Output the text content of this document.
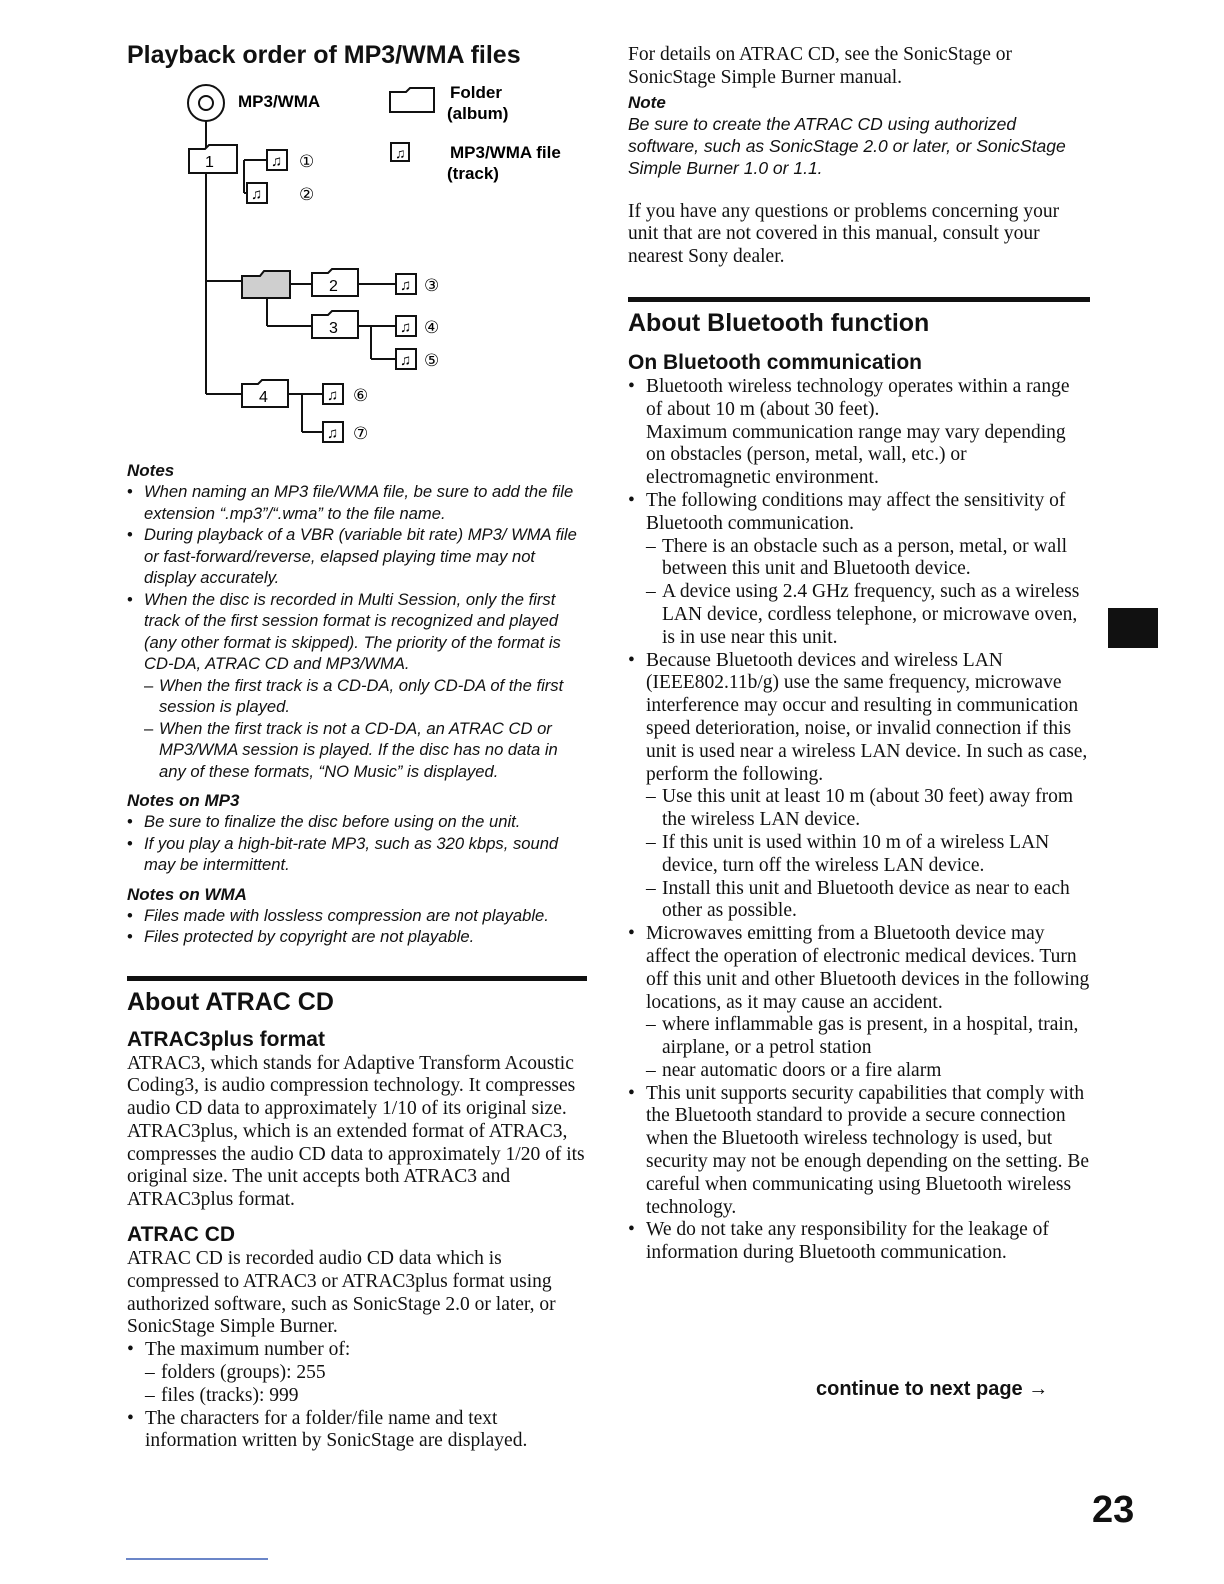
Playback order of MP3/WMA files
MP3/WMA	Folder
(album)
♫	MP3/WMA file
(track)
1	♫ ①
♫ ②
2	♫ ③
3	♫ ④
♫ ⑤
4	♫ ⑥
♫ ⑦
Notes
• When naming an MP3 file/WMA file, be sure to add the file extension “.mp3”/“.wma” to the file name.
• During playback of a VBR (variable bit rate) MP3/ WMA file or fast-forward/reverse, elapsed playing time may not display accurately.
• When the disc is recorded in Multi Session, only the first track of the first session format is recognized and played (any other format is skipped). The priority of the format is CD-DA, ATRAC CD and MP3/WMA.
– When the first track is a CD-DA, only CD-DA of the first session is played.
– When the first track is not a CD-DA, an ATRAC CD or MP3/WMA session is played. If the disc has no data in any of these formats, “NO Music” is displayed.
Notes on MP3
• Be sure to finalize the disc before using on the unit.
• If you play a high-bit-rate MP3, such as 320 kbps, sound may be intermittent.
Notes on WMA
• Files made with lossless compression are not playable.
• Files protected by copyright are not playable.
About ATRAC CD
ATRAC3plus format
ATRAC3, which stands for Adaptive Transform Acoustic Coding3, is audio compression technology. It compresses audio CD data to approximately 1/10 of its original size. ATRAC3plus, which is an extended format of ATRAC3, compresses the audio CD data to approximately 1/20 of its original size. The unit accepts both ATRAC3 and ATRAC3plus format.
ATRAC CD
ATRAC CD is recorded audio CD data which is compressed to ATRAC3 or ATRAC3plus format using authorized software, such as SonicStage 2.0 or later, or SonicStage Simple Burner.
• The maximum number of:
– folders (groups): 255
– files (tracks): 999
• The characters for a folder/file name and text information written by SonicStage are displayed.
For details on ATRAC CD, see the SonicStage or SonicStage Simple Burner manual.
Note
Be sure to create the ATRAC CD using authorized software, such as SonicStage 2.0 or later, or SonicStage Simple Burner 1.0 or 1.1.
If you have any questions or problems concerning your unit that are not covered in this manual, consult your nearest Sony dealer.
About Bluetooth function
On Bluetooth communication
• Bluetooth wireless technology operates within a range of about 10 m (about 30 feet).
Maximum communication range may vary depending on obstacles (person, metal, wall, etc.) or electromagnetic environment.
• The following conditions may affect the sensitivity of Bluetooth communication.
– There is an obstacle such as a person, metal, or wall between this unit and Bluetooth device.
– A device using 2.4 GHz frequency, such as a wireless LAN device, cordless telephone, or microwave oven, is in use near this unit.
• Because Bluetooth devices and wireless LAN (IEEE802.11b/g) use the same frequency, microwave interference may occur and resulting in communication speed deterioration, noise, or invalid connection if this unit is used near a wireless LAN device. In such as case, perform the following.
– Use this unit at least 10 m (about 30 feet) away from the wireless LAN device.
– If this unit is used within 10 m of a wireless LAN device, turn off the wireless LAN device.
– Install this unit and Bluetooth device as near to each other as possible.
• Microwaves emitting from a Bluetooth device may affect the operation of electronic medical devices. Turn off this unit and other Bluetooth devices in the following locations, as it may cause an accident.
– where inflammable gas is present, in a hospital, train, airplane, or a petrol station
– near automatic doors or a fire alarm
• This unit supports security capabilities that comply with the Bluetooth standard to provide a secure connection when the Bluetooth wireless technology is used, but security may not be enough depending on the setting. Be careful when communicating using Bluetooth wireless technology.
• We do not take any responsibility for the leakage of information during Bluetooth communication.
continue to next page →
23
